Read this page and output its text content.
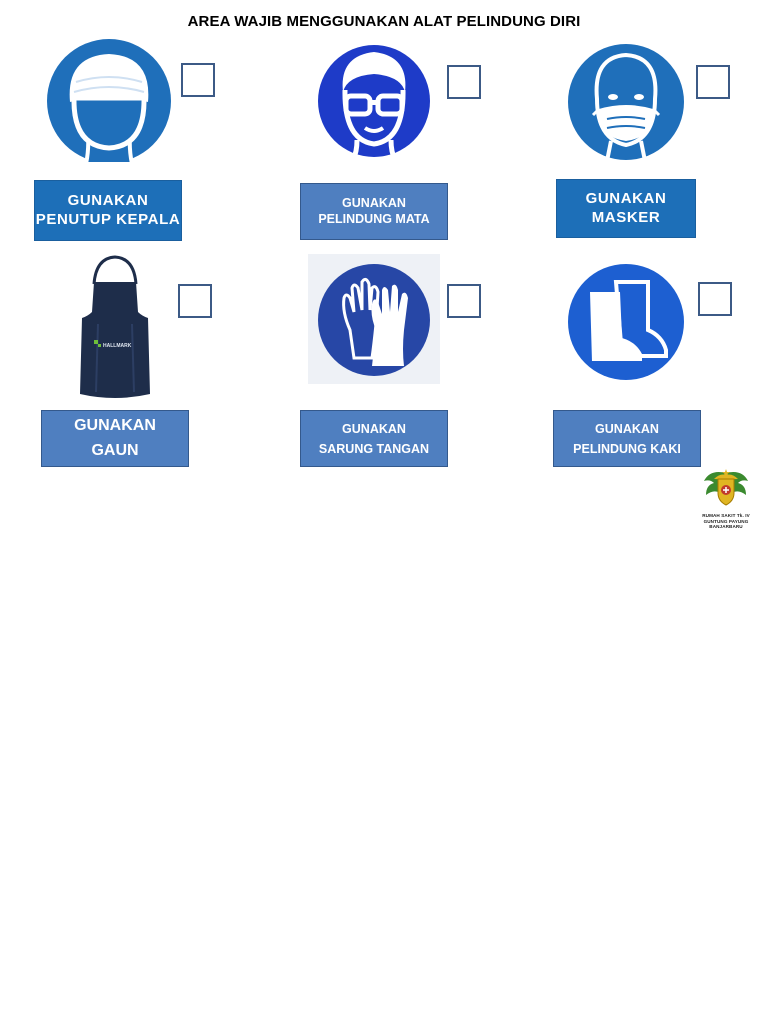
AREA WAJIB MENGGUNAKAN ALAT PELINDUNG DIRI
GUNAKAN
PENUTUP KEPALA
GUNAKAN
PELINDUNG MATA
GUNAKAN
MASKER
HALLMARK
GUNAKAN
GAUN
GUNAKAN
SARUNG TANGAN
GUNAKAN
PELINDUNG KAKI
RUMAH SAKIT Tk. IV
GUNTUNG PAYUNG
BANJARBARU
